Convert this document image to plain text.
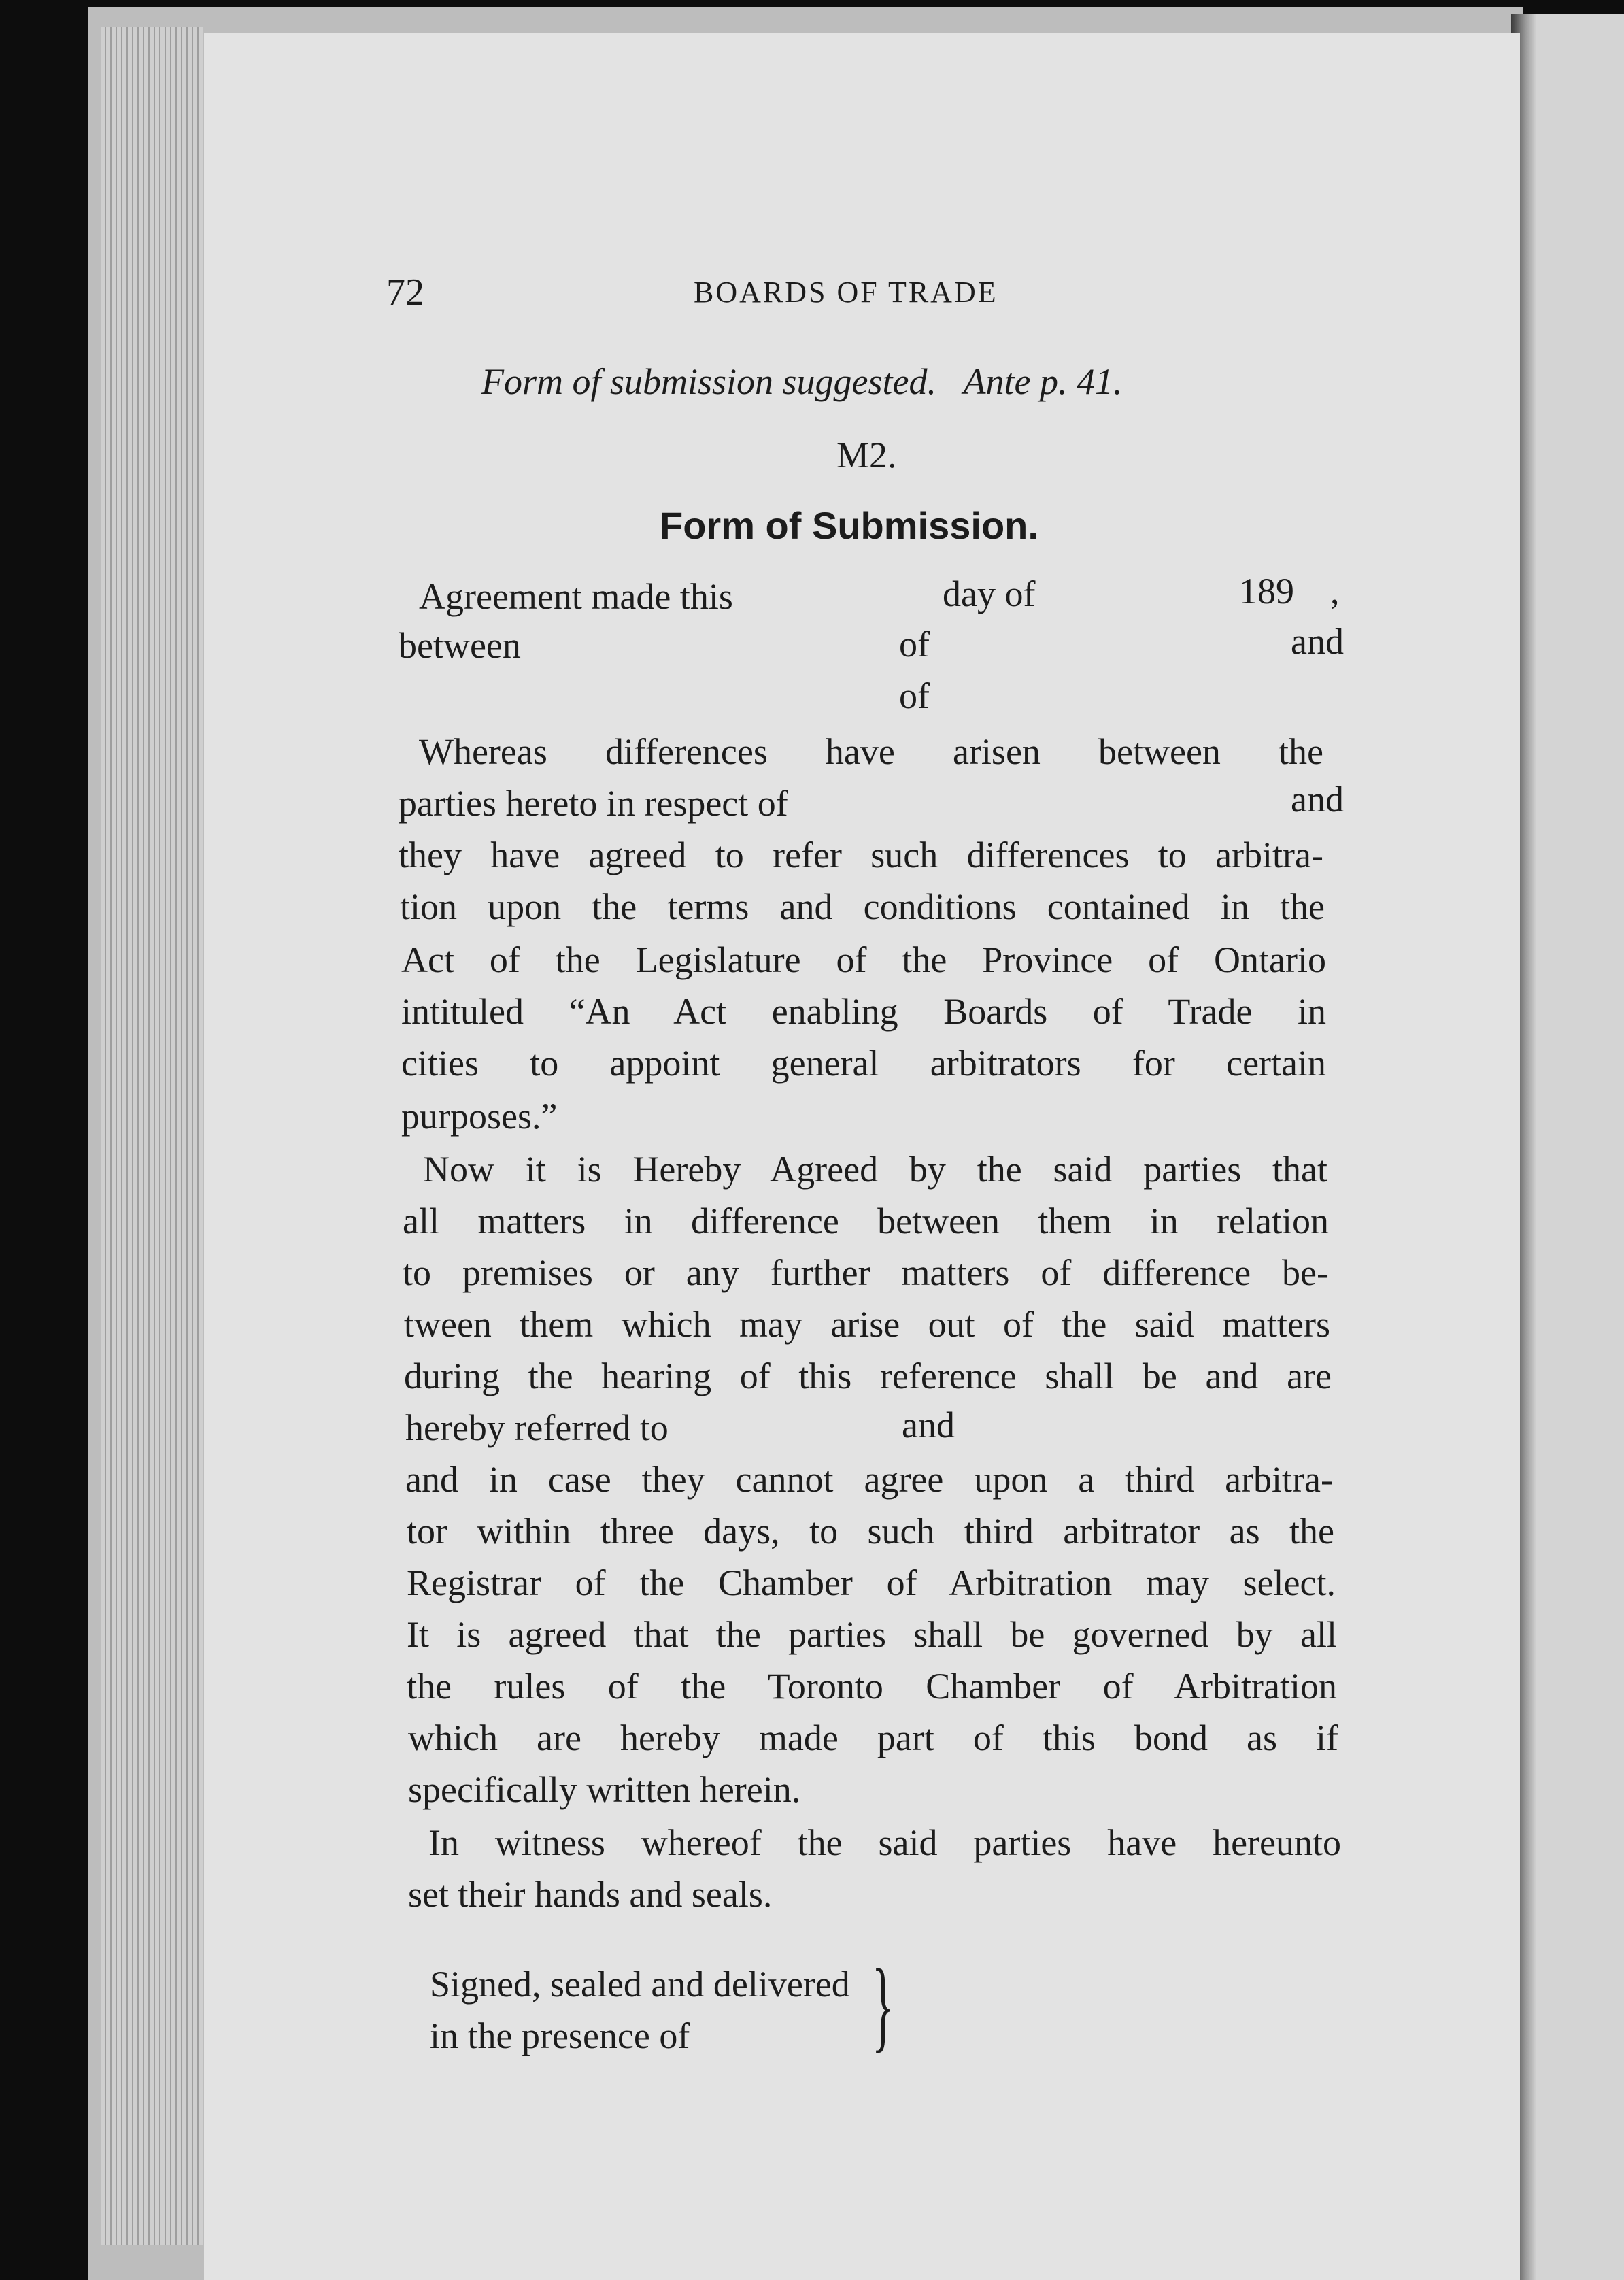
72	BOARDS OF TRADE
Form of submission suggested.   Ante p. 41.
M2.
Form of Submission.
Agreement made this	day of	189 ,
between	of	and
of
Whereas differences have arisen between the
parties hereto in respect of	and
they have agreed to refer such differences to arbitra-
tion upon the terms and conditions contained in the
Act of the Legislature of the Province of Ontario
intituled “An Act enabling Boards of Trade in
cities to appoint general arbitrators for certain
purposes.”
Now it is Hereby Agreed by the said parties that
all matters in difference between them in relation
to premises or any further matters of difference be-
tween them which may arise out of the said matters
during the hearing of this reference shall be and are
hereby referred to	and
and in case they cannot agree upon a third arbitra-
tor within three days, to such third arbitrator as the
Registrar of the Chamber of Arbitration may select.
It is agreed that the parties shall be governed by all
the rules of the Toronto Chamber of Arbitration
which are hereby made part of this bond as if
specifically written herein.
In witness whereof the said parties have hereunto
set their hands and seals.
Signed, sealed and delivered
in the presence of }
